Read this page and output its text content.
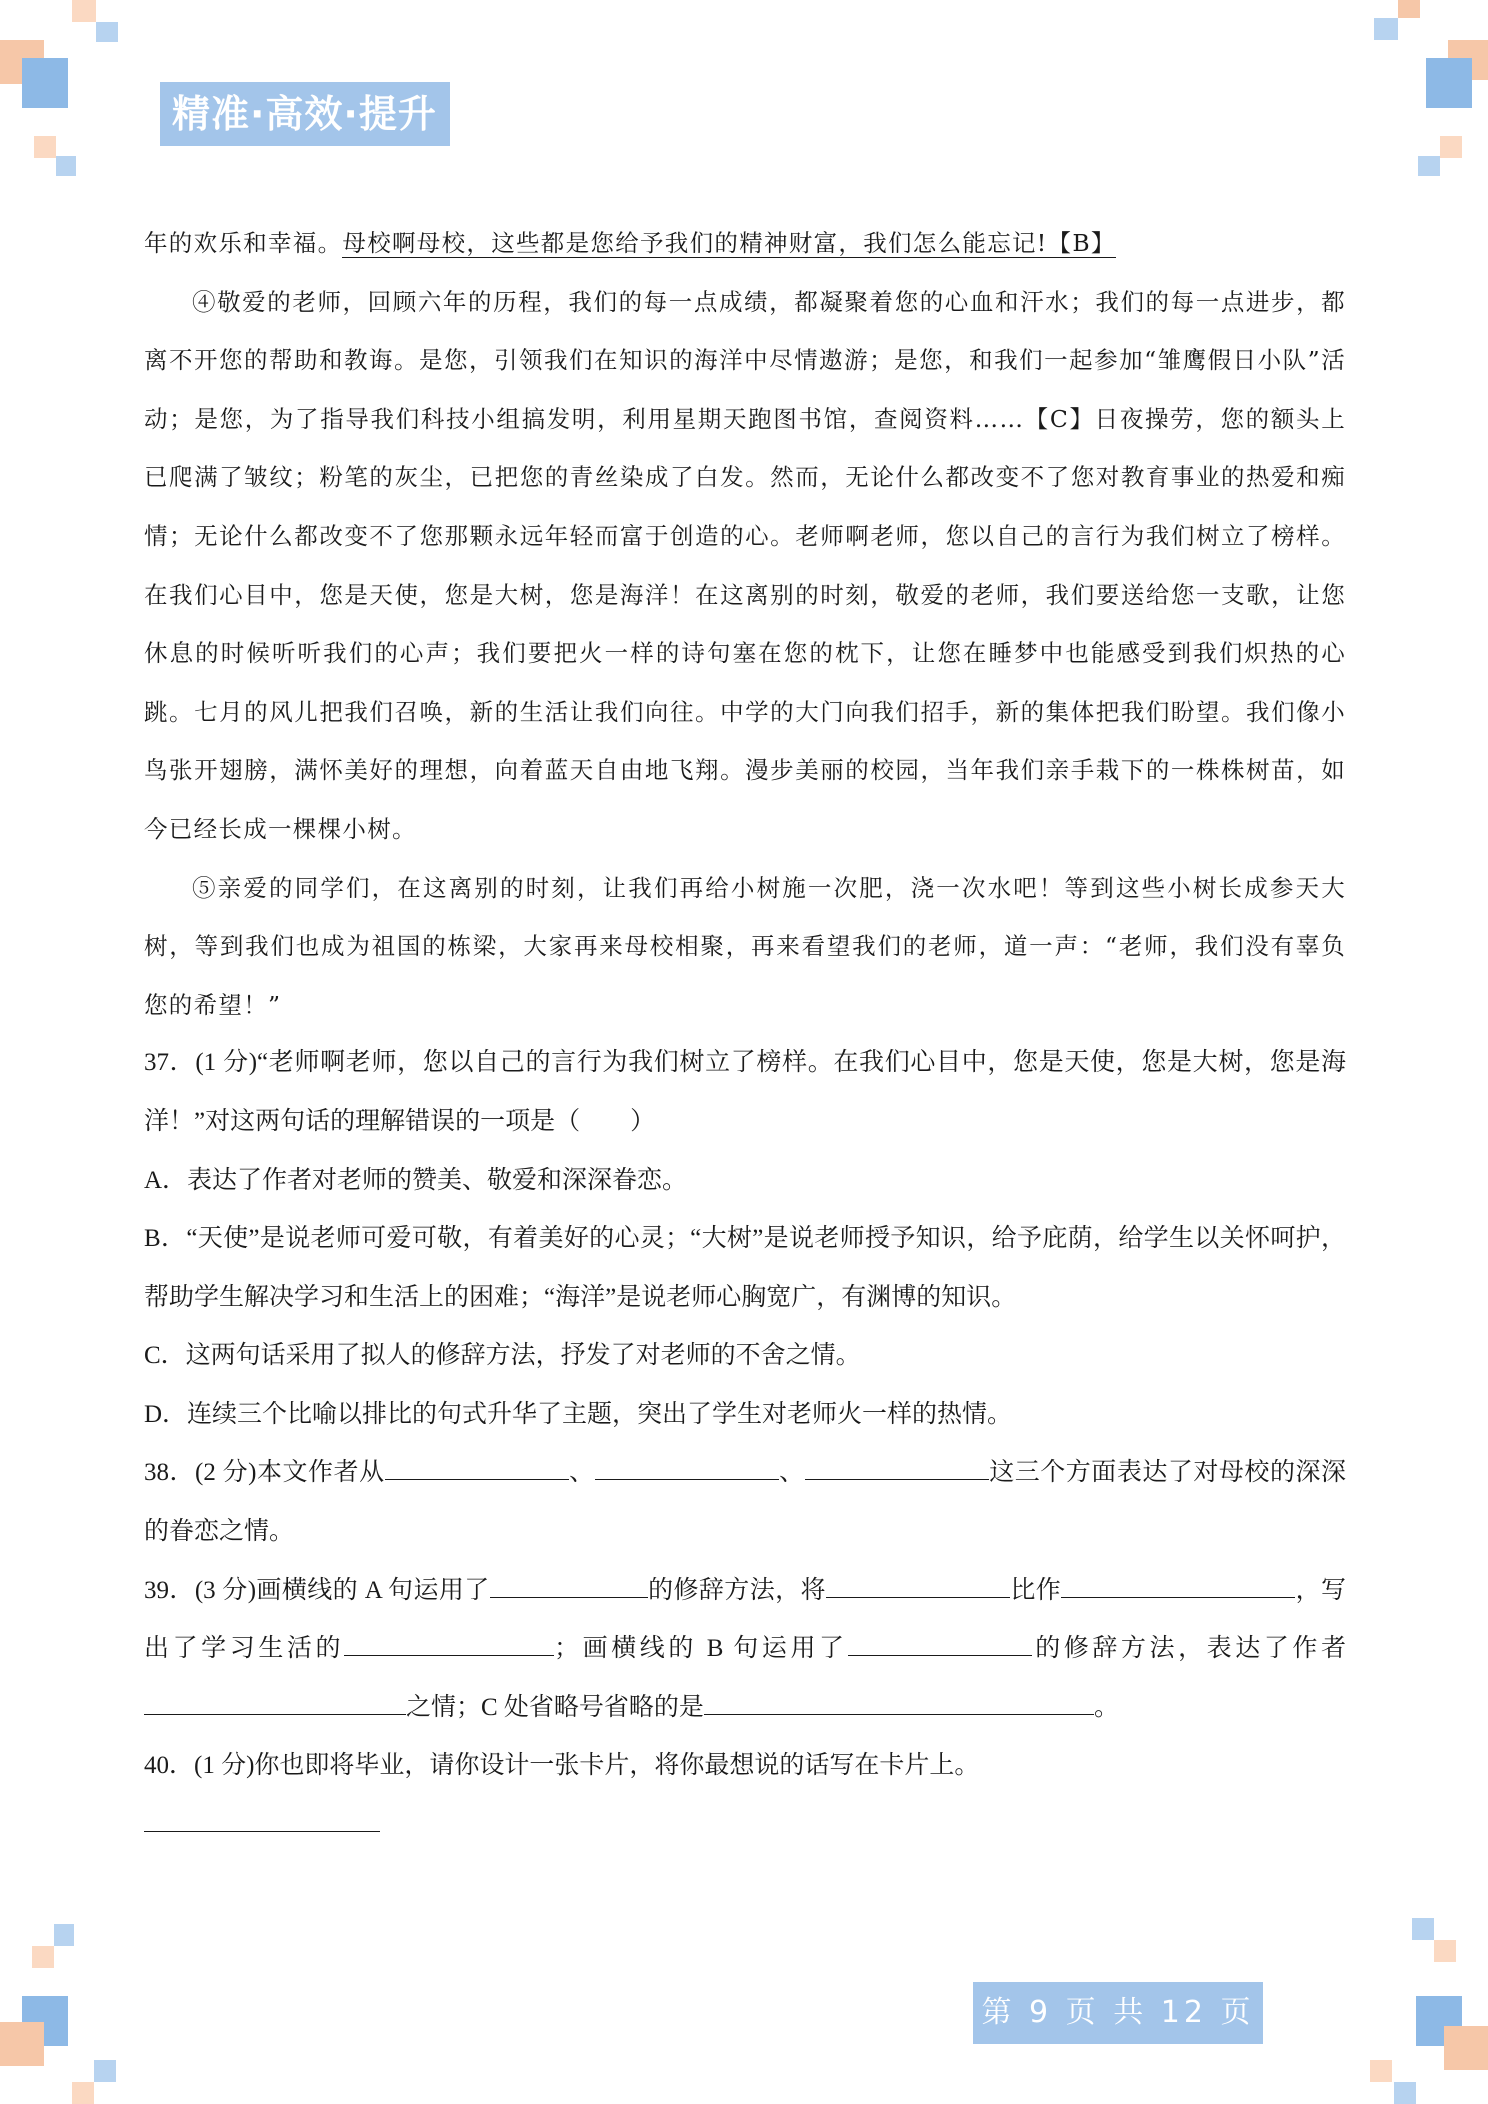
精准·高效·提升

年的欢乐和幸福。母校啊母校，这些都是您给予我们的精神财富，我们怎么能忘记!【B】

④敬爱的老师，回顾六年的历程，我们的每一点成绩，都凝聚着您的心血和汗水；我们的每一点进步，都离不开您的帮助和教诲。是您，引领我们在知识的海洋中尽情遨游；是您，和我们一起参加“雏鹰假日小队”活动；是您，为了指导我们科技小组搞发明，利用星期天跑图书馆，查阅资料……【C】日夜操劳，您的额头上已爬满了皱纹；粉笔的灰尘，已把您的青丝染成了白发。然而，无论什么都改变不了您对教育事业的热爱和痴情；无论什么都改变不了您那颗永远年轻而富于创造的心。老师啊老师，您以自己的言行为我们树立了榜样。在我们心目中，您是天使，您是大树，您是海洋！在这离别的时刻，敬爱的老师，我们要送给您一支歌，让您休息的时候听听我们的心声；我们要把火一样的诗句塞在您的枕下，让您在睡梦中也能感受到我们炽热的心跳。七月的风儿把我们召唤，新的生活让我们向往。中学的大门向我们招手，新的集体把我们盼望。我们像小鸟张开翅膀，满怀美好的理想，向着蓝天自由地飞翔。漫步美丽的校园，当年我们亲手栽下的一株株树苗，如今已经长成一棵棵小树。

⑤亲爱的同学们，在这离别的时刻，让我们再给小树施一次肥，浇一次水吧！等到这些小树长成参天大树，等到我们也成为祖国的栋梁，大家再来母校相聚，再来看望我们的老师，道一声：“老师，我们没有辜负您的希望！”

37．(1 分)“老师啊老师，您以自己的言行为我们树立了榜样。在我们心目中，您是天使，您是大树，您是海洋！”对这两句话的理解错误的一项是（　　）

A．表达了作者对老师的赞美、敬爱和深深眷恋。

B．“天使”是说老师可爱可敬，有着美好的心灵；“大树”是说老师授予知识，给予庇荫，给学生以关怀呵护，帮助学生解决学习和生活上的困难；“海洋”是说老师心胸宽广，有渊博的知识。

C．这两句话采用了拟人的修辞方法，抒发了对老师的不舍之情。

D．连续三个比喻以排比的句式升华了主题，突出了学生对老师火一样的热情。

38．(2 分)本文作者从	、	、	这三个方面表达了对母校的深深的眷恋之情。

39．(3 分)画横线的 A 句运用了	的修辞方法，将	比作	，写出了学习生活的	；画横线的 B 句运用了	的修辞方法，表达了作者之情；C 处省略号省略的是	。

40．(1 分)你也即将毕业，请你设计一张卡片，将你最想说的话写在卡片上。

第 9 页 共 12 页
